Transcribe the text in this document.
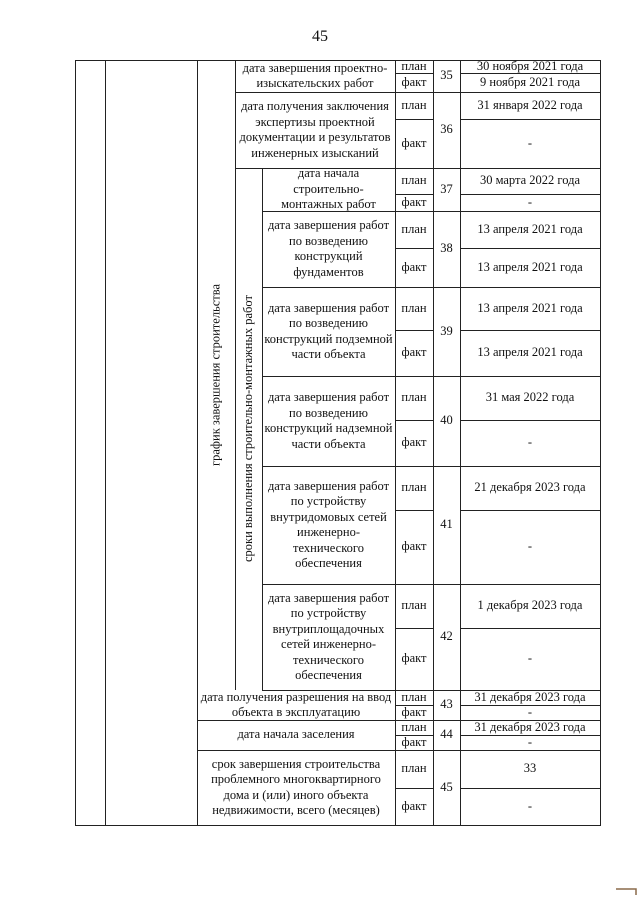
45
дата завершения проектно-изыскательских работ
план
факт	35
30 ноября 2021 года
9 ноября 2021 года
дата получения заключения экспертизы проектной документации и результатов инженерных изысканий
план
факт
36
31 января 2022 года
-
дата начала строительно-монтажных работ
план
факт
37
30 марта 2022 года
-
дата завершения работ по возведению конструкций фундаментов
план
факт
38
13 апреля 2021 года
13 апреля 2021 года
дата завершения работ по возведению конструкций подземной части объекта
план
факт
39
13 апреля 2021 года
13 апреля 2021 года
дата завершения работ по возведению конструкций надземной части объекта
план
факт
40
31 мая 2022 года
-
дата завершения работ по устройству внутридомовых сетей инженерно-технического обеспечения
план
факт
41
21 декабря 2023 года
-
дата завершения работ по устройству внутриплощадочных сетей инженерно-технического обеспечения
план
факт
42
1 декабря 2023 года
-
дата получения разрешения на ввод объекта в эксплуатацию
план
факт
43
31 декабря 2023 года
-
дата начала заселения
план
факт
44
31 декабря 2023 года
-
срок завершения строительства проблемного многоквартирного дома и (или) иного объекта недвижимости, всего (месяцев)
план
факт
45
33
-
график завершения строительства	сроки выполнения строительно-монтажных работ
